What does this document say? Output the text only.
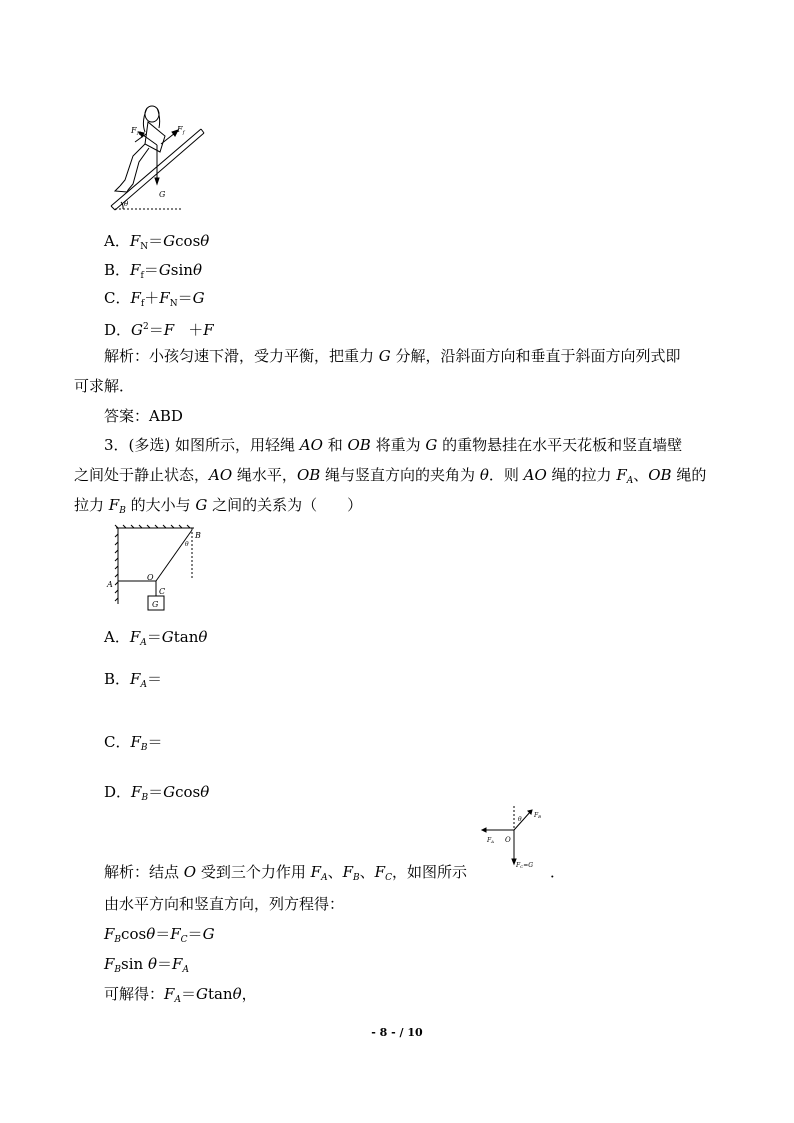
$F_N$	$F_f$
G
θ
A．$F_N=Gcos\theta$
B．$F_f=Gsin\theta$
C．$F_f+F_N=G$
D．$G^2=F +F$
解析：小孩匀速下滑，受力平衡，把重力 G 分解，沿斜面方向和垂直于斜面方向列式即
可求解．
答案：ABD
3．(多选) 如图所示，用轻绳 AO 和 OB 将重为 G 的重物悬挂在水平天花板和竖直墙壁
之间处于静止状态，AO 绳水平，OB 绳与竖直方向的夹角为 θ．则 AO 绳的拉力 $F_A$、OB 绳的
拉力 $F_B$ 的大小与 G 之间的关系为（　　）
A
O
B
C
G
θ
A．$F_A=Gtan\theta$
B．$F_A=$
C．$F_B=$
D．$F_B=Gcos\theta$
θ
FB
FA O
FC=G
解析：结点 O 受到三个力作用 $F_A$、$F_B$、$F_C$，如图所示	．
由水平方向和竖直方向，列方程得：
$F_B\cos\theta=F_C=G$
$F_B\sin$ $\theta=F_A$
可解得：$F_A=Gtan\theta$，
- 8 - / 10
